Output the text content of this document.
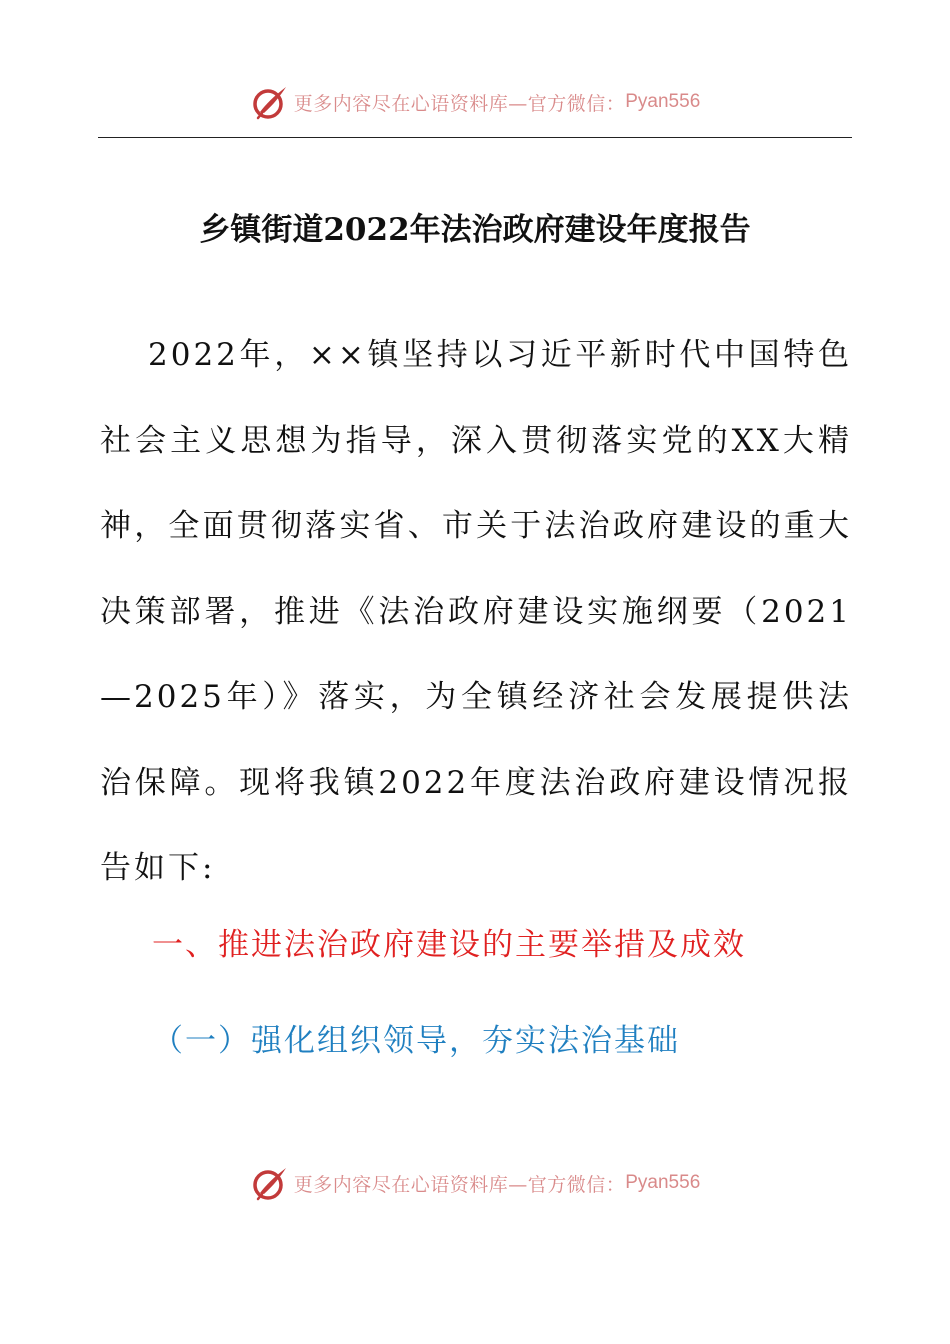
更多内容尽在心语资料库—官方微信： Pyan556
乡镇街道2022年法治政府建设年度报告

2022年，××镇坚持以习近平新时代中国特色社会主义思想为指导，深入贯彻落实党的XX大精神，全面贯彻落实省、市关于法治政府建设的重大决策部署，推进《法治政府建设实施纲要（2021—2025年）》落实，为全镇经济社会发展提供法治保障。现将我镇2022年度法治政府建设情况报告如下:

一、推进法治政府建设的主要举措及成效

（一）强化组织领导，夯实法治基础

更多内容尽在心语资料库—官方微信： Pyan556
